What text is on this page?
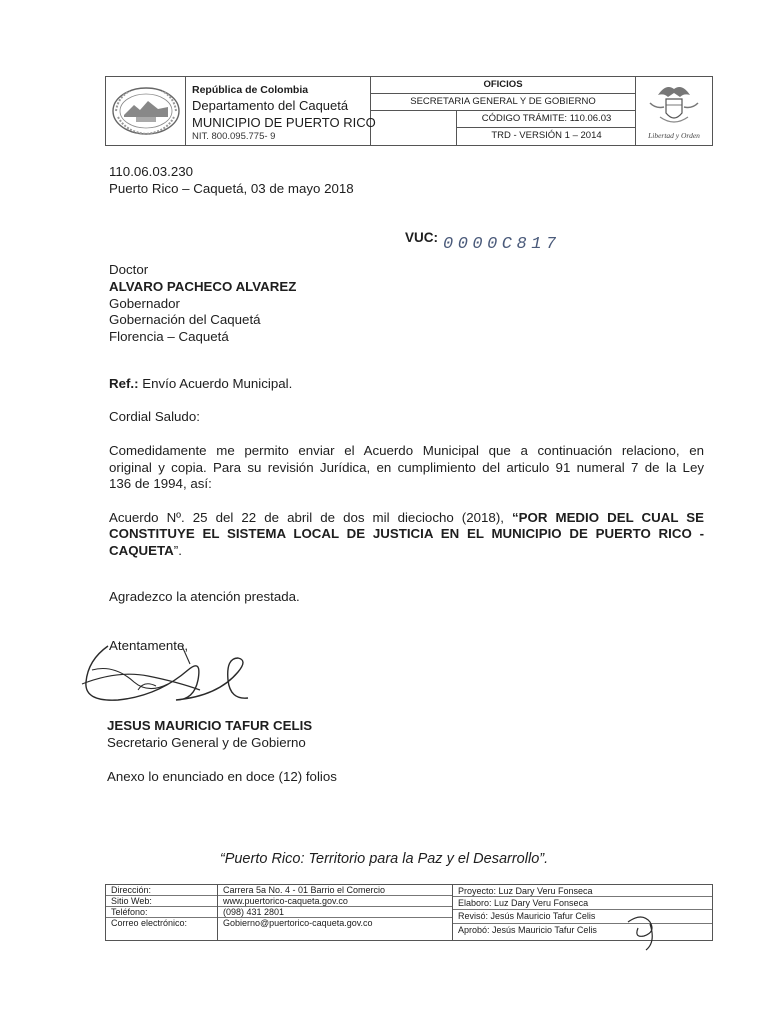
República de Colombia
Departamento del Caquetá
MUNICIPIO DE PUERTO RICO
NIT. 800.095.775- 9
OFICIOS
SECRETARIA GENERAL Y DE GOBIERNO
CÓDIGO TRÁMITE: 110.06.03
TRD - VERSIÓN 1 – 2014	Libertad y Orden
110.06.03.230
Puerto Rico – Caquetá, 03 de mayo 2018
VUC: 0000C817
Doctor
ALVARO PACHECO ALVAREZ
Gobernador
Gobernación del Caquetá
Florencia – Caquetá
Ref.: Envío Acuerdo Municipal.
Cordial Saludo:
Comedidamente me permito enviar el Acuerdo Municipal que a continuación relaciono, en
original y copia. Para su revisión Jurídica, en cumplimiento del articulo 91 numeral 7 de la Ley
136 de 1994, así:
Acuerdo Nº. 25 del 22 de abril de dos mil dieciocho (2018), “POR MEDIO DEL CUAL SE
CONSTITUYE EL SISTEMA LOCAL DE JUSTICIA EN EL MUNICIPIO DE PUERTO RICO -
CAQUETA”.
Agradezco la atención prestada.
Atentamente,
JESUS MAURICIO TAFUR CELIS
Secretario General y de Gobierno
Anexo lo enunciado en doce (12) folios
“Puerto Rico: Territorio para la Paz y el Desarrollo”.
Dirección:
Sitio Web:
Teléfono:
Correo electrónico:
Carrera 5a No. 4 - 01 Barrio el Comercio
www.puertorico-caqueta.gov.co
(098) 431 2801
Gobierno@puertorico-caqueta.gov.co
Proyecto: Luz Dary Veru Fonseca
Elaboro: Luz Dary Veru Fonseca
Revisó: Jesús Mauricio Tafur Celis
Aprobó: Jesús Mauricio Tafur Celis
